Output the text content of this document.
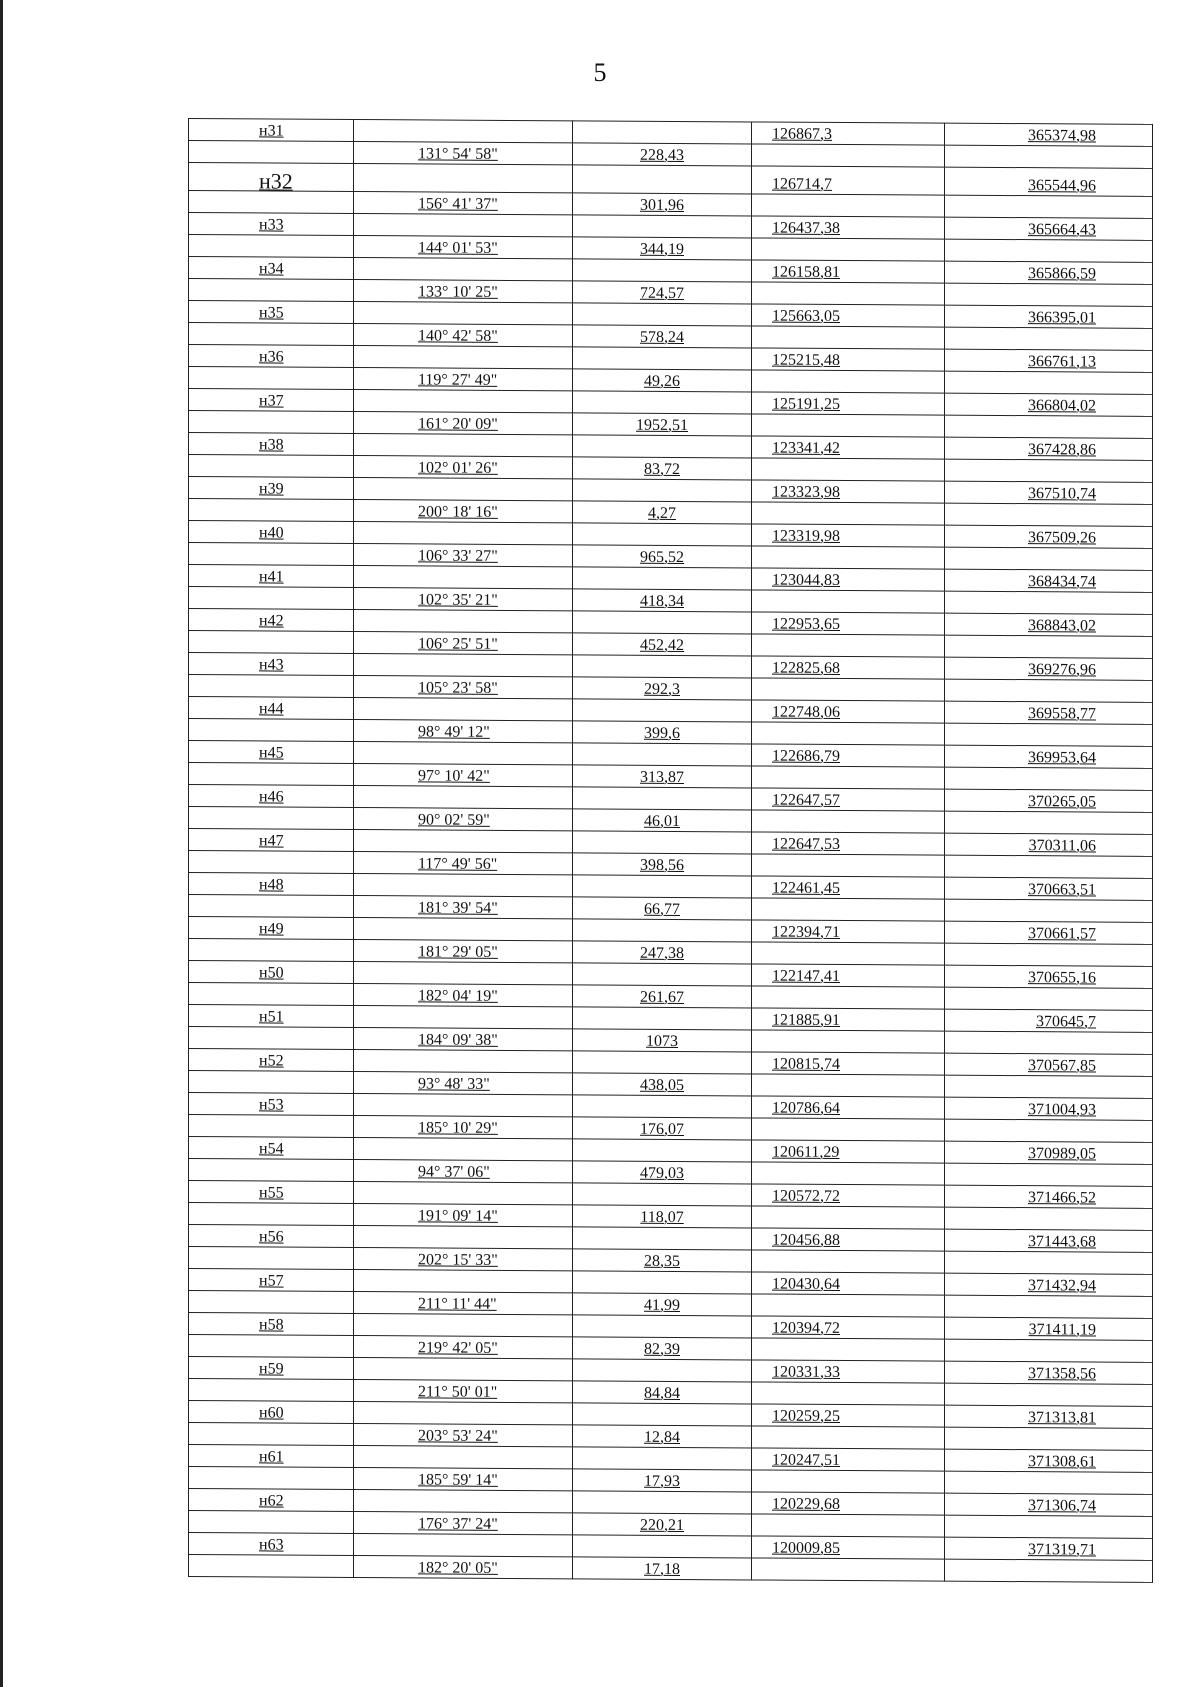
5
н31			126867,3	365374,98
	131° 54' 58"	228,43		
н32			126714,7	365544,96
	156° 41' 37"	301,96		
н33			126437,38	365664,43
	144° 01' 53"	344,19		
н34			126158,81	365866,59
	133° 10' 25"	724,57		
н35			125663,05	366395,01
	140° 42' 58"	578,24		
н36			125215,48	366761,13
	119° 27' 49"	49,26		
н37			125191,25	366804,02
	161° 20' 09"	1952,51		
н38			123341,42	367428,86
	102° 01' 26"	83,72		
н39			123323,98	367510,74
	200° 18' 16"	4,27		
н40			123319,98	367509,26
	106° 33' 27"	965,52		
н41			123044,83	368434,74
	102° 35' 21"	418,34		
н42			122953,65	368843,02
	106° 25' 51"	452,42		
н43			122825,68	369276,96
	105° 23' 58"	292,3		
н44			122748,06	369558,77
	98° 49' 12"	399,6		
н45			122686,79	369953,64
	97° 10' 42"	313,87		
н46			122647,57	370265,05
	90° 02' 59"	46,01		
н47			122647,53	370311,06
	117° 49' 56"	398,56		
н48			122461,45	370663,51
	181° 39' 54"	66,77		
н49			122394,71	370661,57
	181° 29' 05"	247,38		
н50			122147,41	370655,16
	182° 04' 19"	261,67		
н51			121885,91	370645,7
	184° 09' 38"	1073		
н52			120815,74	370567,85
	93° 48' 33"	438,05		
н53			120786,64	371004,93
	185° 10' 29"	176,07		
н54			120611,29	370989,05
	94° 37' 06"	479,03		
н55			120572,72	371466,52
	191° 09' 14"	118,07		
н56			120456,88	371443,68
	202° 15' 33"	28,35		
н57			120430,64	371432,94
	211° 11' 44"	41,99		
н58			120394,72	371411,19
	219° 42' 05"	82,39		
н59			120331,33	371358,56
	211° 50' 01"	84,84		
н60			120259,25	371313,81
	203° 53' 24"	12,84		
н61			120247,51	371308,61
	185° 59' 14"	17,93		
н62			120229,68	371306,74
	176° 37' 24"	220,21		
н63			120009,85	371319,71
	182° 20' 05"	17,18		
